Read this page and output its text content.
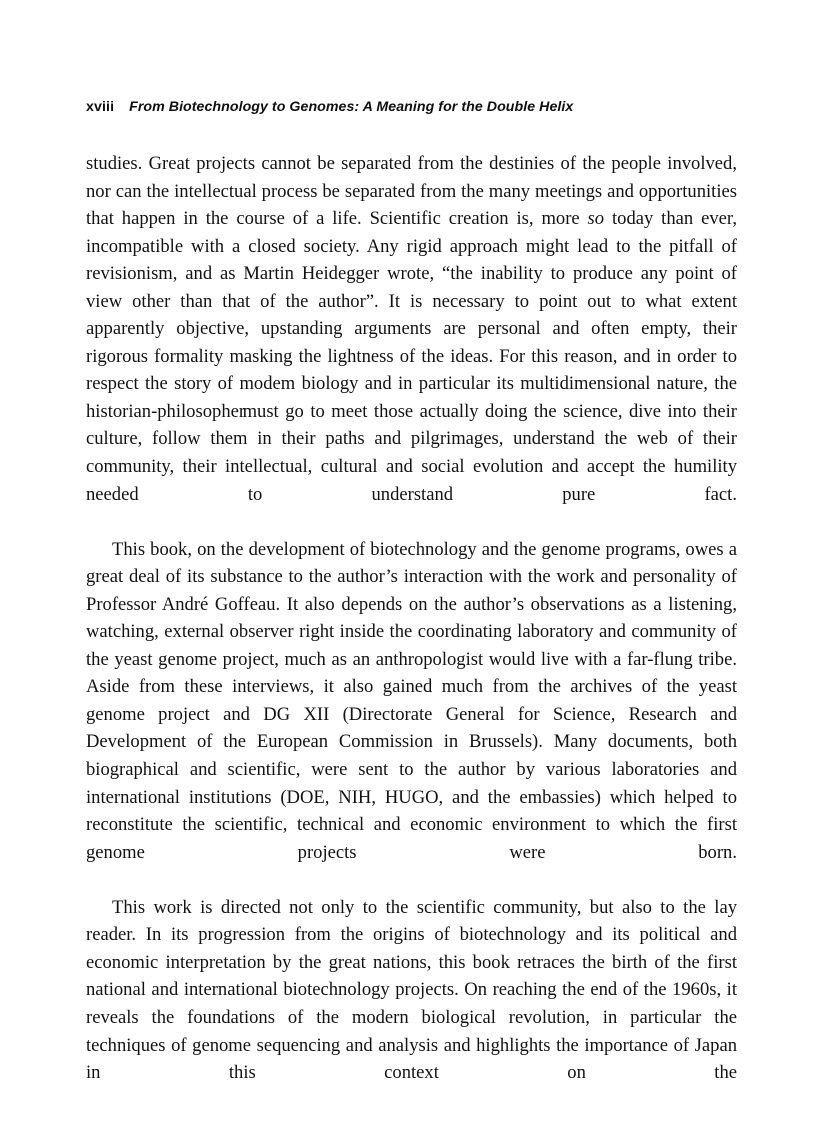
xviii From Biotechnology to Genomes: A Meaning for the Double Helix

studies. Great projects cannot be separated from the destinies of the people involved, nor can the intellectual process be separated from the many meetings and opportunities that happen in the course of a life. Scientific creation is, more so today than ever, incompatible with a closed society. Any rigid approach might lead to the pitfall of revisionism, and as Martin Heidegger wrote, “the inability to produce any point of view other than that of the author”. It is necessary to point out to what extent apparently objective, upstanding arguments are personal and often empty, their rigorous formality masking the lightness of the ideas. For this reason, and in order to respect the story of modem biology and in particular its multidimensional nature, the historian-philosophermust go to meet those actually doing the science, dive into their culture, follow them in their paths and pilgrimages, understand the web of their community, their intellectual, cultural and social evolution and accept the humility needed to understand pure fact.

This book, on the development of biotechnology and the genome programs, owes a great deal of its substance to the author’s interaction with the work and personality of Professor André Goffeau. It also depends on the author’s observations as a listening, watching, external observer right inside the coordinating laboratory and community of the yeast genome project, much as an anthropologist would live with a far-flung tribe. Aside from these interviews, it also gained much from the archives of the yeast genome project and DG XII (Directorate General for Science, Research and Development of the European Commission in Brussels). Many documents, both biographical and scientific, were sent to the author by various laboratories and international institutions (DOE, NIH, HUGO, and the embassies) which helped to reconstitute the scientific, technical and economic environment to which the first genome projects were born.

This work is directed not only to the scientific community, but also to the lay reader. In its progression from the origins of biotechnology and its political and economic interpretation by the great nations, this book retraces the birth of the first national and international biotechnology projects. On reaching the end of the 1960s, it reveals the foundations of the modern biological revolution, in particular the techniques of genome sequencing and analysis and highlights the importance of Japan in this context on the
